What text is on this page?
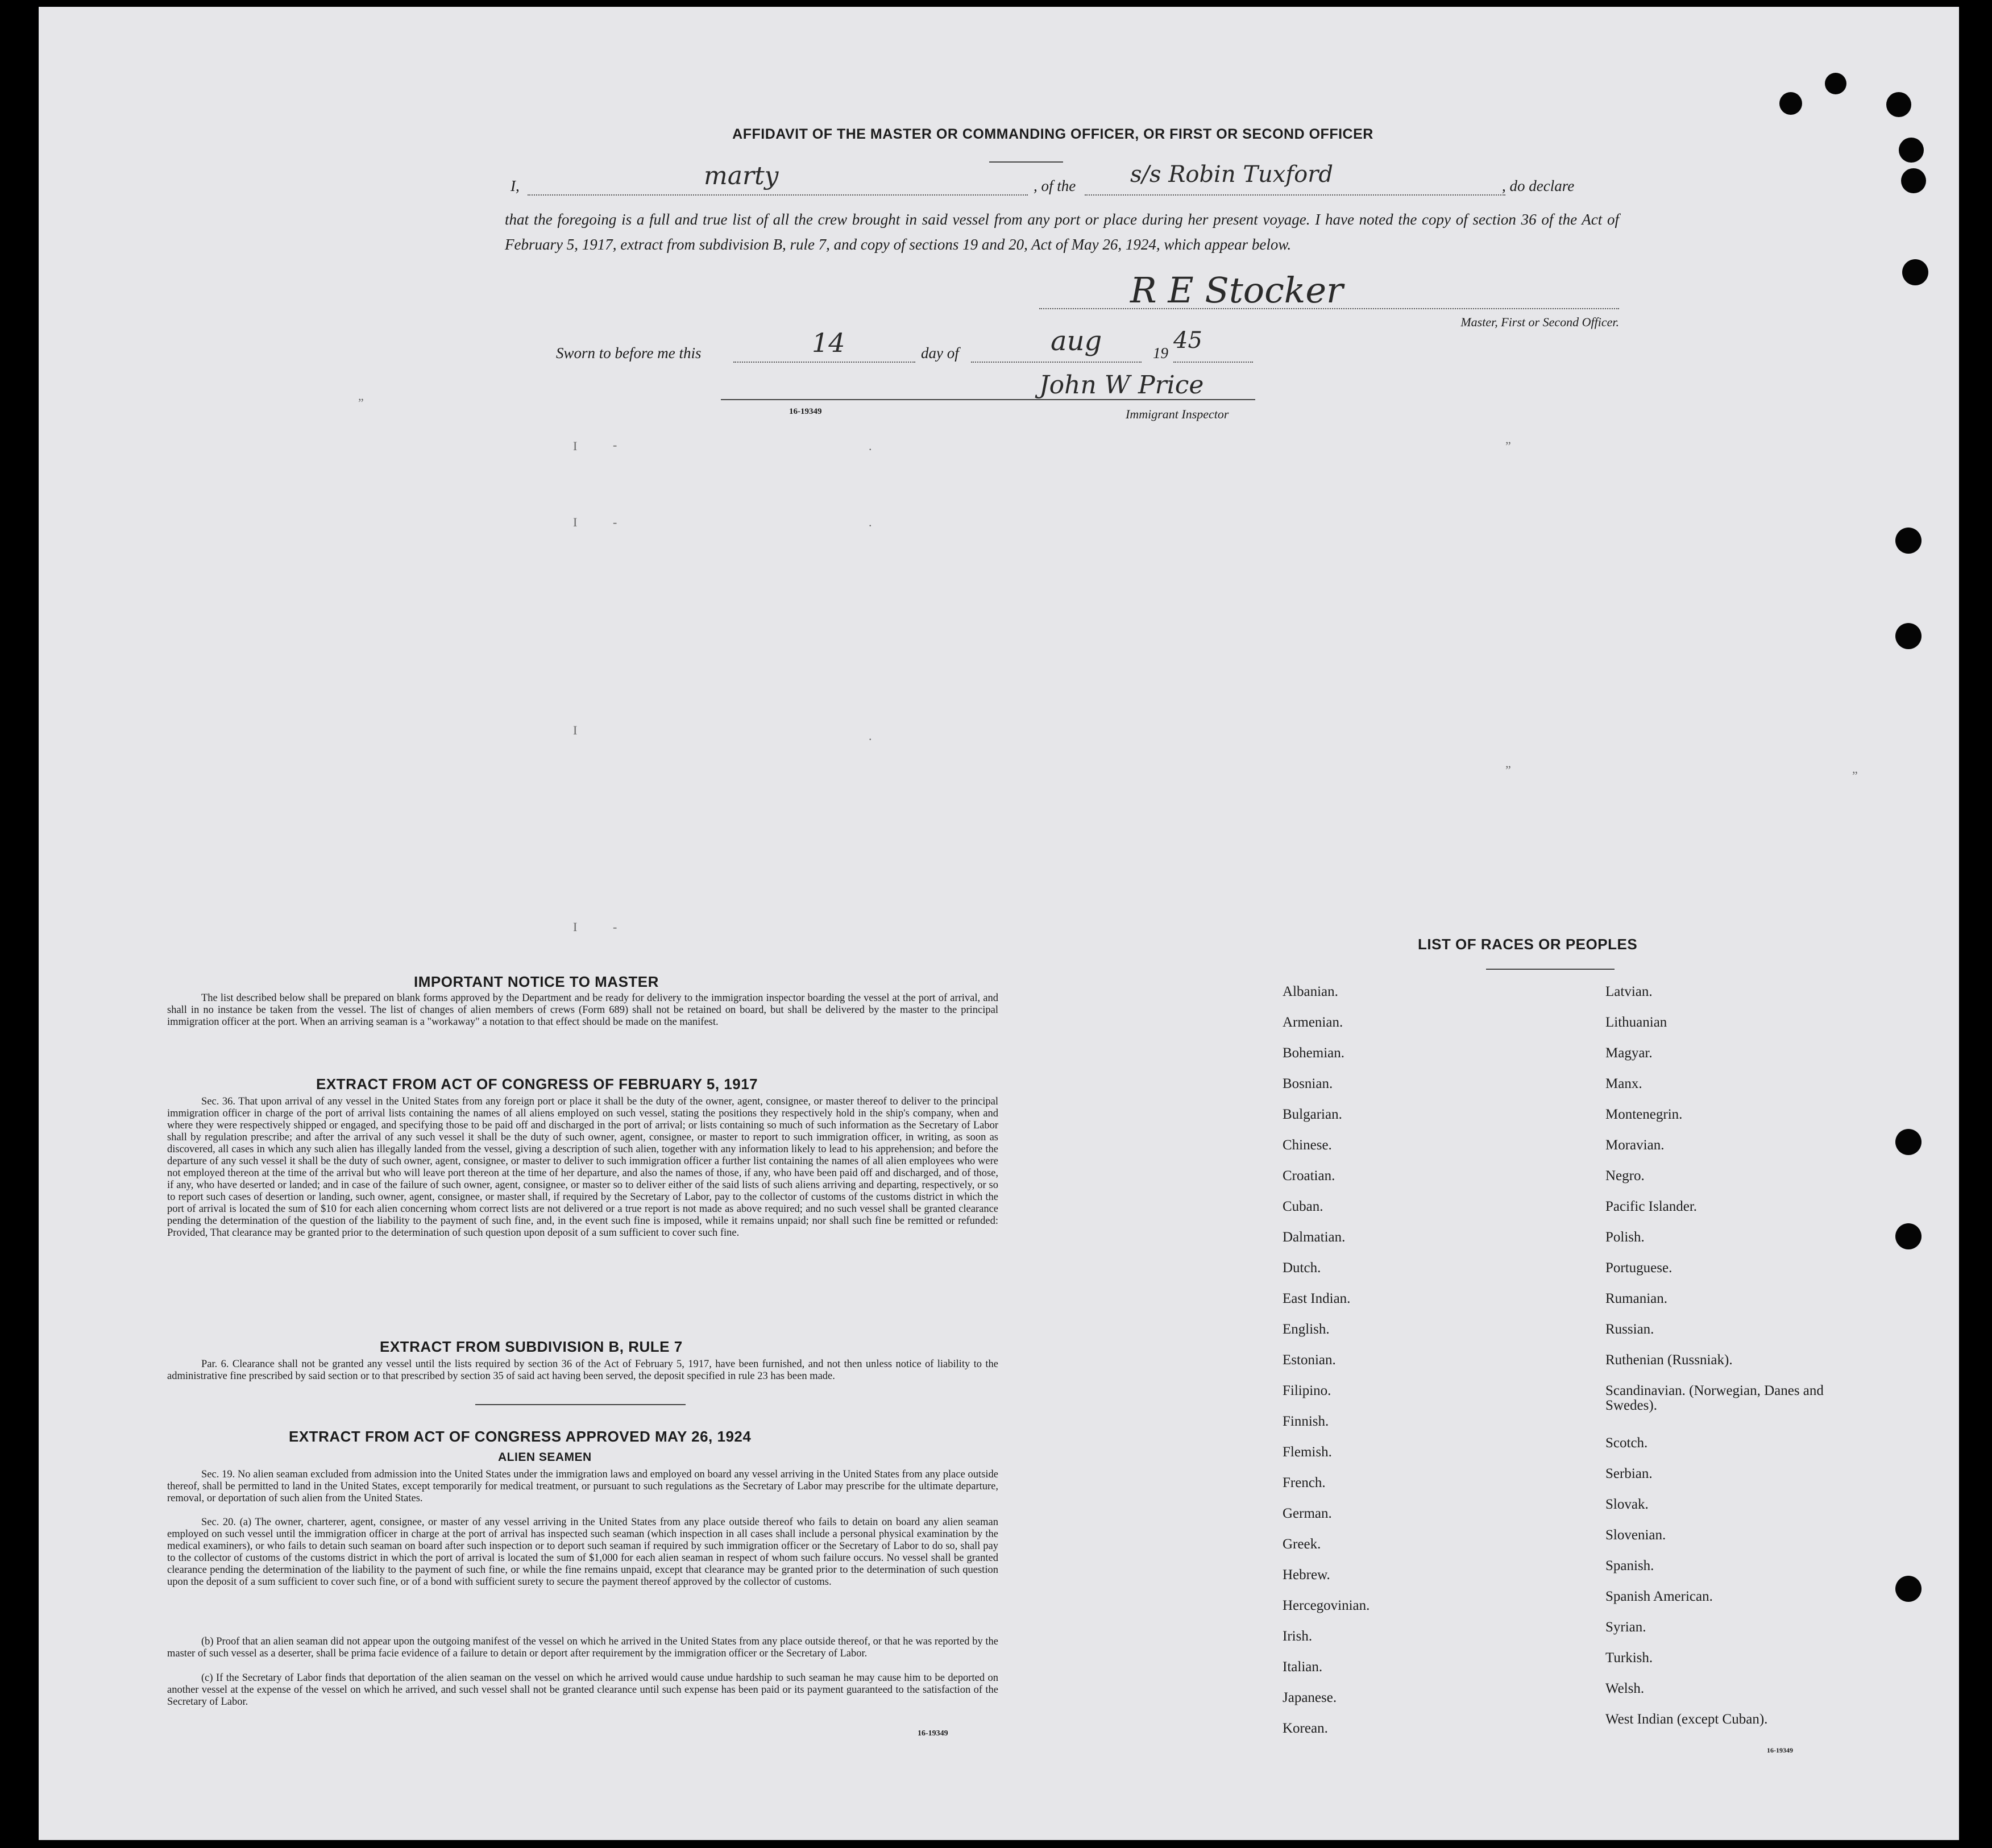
AFFIDAVIT OF THE MASTER OR COMMANDING OFFICER, OR FIRST OR SECOND OFFICER
I,	marty	, of the s/s Robin Tuxford	, do declare
that the foregoing is a full and true list of all the crew brought in said vessel from any port or place during her present voyage. I have noted the copy of section 36 of the Act of February 5, 1917, extract from subdivision B, rule 7, and copy of sections 19 and 20, Act of May 26, 1924, which appear below.
R E Stocker
Master, First or Second Officer.
Sworn to before me this	14	day of	aug	19 45
John W Price
16-19349	Immigrant Inspector
”
I	-	.
I	-	.
I	.
”
”	”
I	-
IMPORTANT NOTICE TO MASTER
The list described below shall be prepared on blank forms approved by the Department and be ready for delivery to the immigration inspector boarding the vessel at the port of arrival, and shall in no instance be taken from the vessel. The list of changes of alien members of crews (Form 689) shall not be retained on board, but shall be delivered by the master to the principal immigration officer at the port. When an arriving seaman is a "workaway" a notation to that effect should be made on the manifest.
EXTRACT FROM ACT OF CONGRESS OF FEBRUARY 5, 1917
Sec. 36. That upon arrival of any vessel in the United States from any foreign port or place it shall be the duty of the owner, agent, consignee, or master thereof to deliver to the principal immigration officer in charge of the port of arrival lists containing the names of all aliens employed on such vessel, stating the positions they respectively hold in the ship's company, when and where they were respectively shipped or engaged, and specifying those to be paid off and discharged in the port of arrival; or lists containing so much of such information as the Secretary of Labor shall by regulation prescribe; and after the arrival of any such vessel it shall be the duty of such owner, agent, consignee, or master to report to such immigration officer, in writing, as soon as discovered, all cases in which any such alien has illegally landed from the vessel, giving a description of such alien, together with any information likely to lead to his apprehension; and before the departure of any such vessel it shall be the duty of such owner, agent, consignee, or master to deliver to such immigration officer a further list containing the names of all alien employees who were not employed thereon at the time of the arrival but who will leave port thereon at the time of her departure, and also the names of those, if any, who have been paid off and discharged, and of those, if any, who have deserted or landed; and in case of the failure of such owner, agent, consignee, or master so to deliver either of the said lists of such aliens arriving and departing, respectively, or so to report such cases of desertion or landing, such owner, agent, consignee, or master shall, if required by the Secretary of Labor, pay to the collector of customs of the customs district in which the port of arrival is located the sum of $10 for each alien concerning whom correct lists are not delivered or a true report is not made as above required; and no such vessel shall be granted clearance pending the determination of the question of the liability to the payment of such fine, and, in the event such fine is imposed, while it remains unpaid; nor shall such fine be remitted or refunded: Provided, That clearance may be granted prior to the determination of such question upon deposit of a sum sufficient to cover such fine.
EXTRACT FROM SUBDIVISION B, RULE 7
Par. 6. Clearance shall not be granted any vessel until the lists required by section 36 of the Act of February 5, 1917, have been furnished, and not then unless notice of liability to the administrative fine prescribed by said section or to that prescribed by section 35 of said act having been served, the deposit specified in rule 23 has been made.
EXTRACT FROM ACT OF CONGRESS APPROVED MAY 26, 1924
ALIEN SEAMEN
Sec. 19. No alien seaman excluded from admission into the United States under the immigration laws and employed on board any vessel arriving in the United States from any place outside thereof, shall be permitted to land in the United States, except temporarily for medical treatment, or pursuant to such regulations as the Secretary of Labor may prescribe for the ultimate departure, removal, or deportation of such alien from the United States.
Sec. 20. (a) The owner, charterer, agent, consignee, or master of any vessel arriving in the United States from any place outside thereof who fails to detain on board any alien seaman employed on such vessel until the immigration officer in charge at the port of arrival has inspected such seaman (which inspection in all cases shall include a personal physical examination by the medical examiners), or who fails to detain such seaman on board after such inspection or to deport such seaman if required by such immigration officer or the Secretary of Labor to do so, shall pay to the collector of customs of the customs district in which the port of arrival is located the sum of $1,000 for each alien seaman in respect of whom such failure occurs. No vessel shall be granted clearance pending the determination of the liability to the payment of such fine, or while the fine remains unpaid, except that clearance may be granted prior to the determination of such question upon the deposit of a sum sufficient to cover such fine, or of a bond with sufficient surety to secure the payment thereof approved by the collector of customs.
(b) Proof that an alien seaman did not appear upon the outgoing manifest of the vessel on which he arrived in the United States from any place outside thereof, or that he was reported by the master of such vessel as a deserter, shall be prima facie evidence of a failure to detain or deport after requirement by the immigration officer or the Secretary of Labor.
(c) If the Secretary of Labor finds that deportation of the alien seaman on the vessel on which he arrived would cause undue hardship to such seaman he may cause him to be deported on another vessel at the expense of the vessel on which he arrived, and such vessel shall not be granted clearance until such expense has been paid or its payment guaranteed to the satisfaction of the Secretary of Labor.
16-19349
LIST OF RACES OR PEOPLES
Albanian.
Armenian.
Bohemian.
Bosnian.
Bulgarian.
Chinese.
Croatian.
Cuban.
Dalmatian.
Dutch.
East Indian.
English.
Estonian.
Filipino.
Finnish.
Flemish.
French.
German.
Greek.
Hebrew.
Hercegovinian.
Irish.
Italian.
Japanese.
Korean.
Latvian.
Lithuanian
Magyar.
Manx.
Montenegrin.
Moravian.
Negro.
Pacific Islander.
Polish.
Portuguese.
Rumanian.
Russian.
Ruthenian (Russniak).
Scandinavian. (Norwegian, Danes and Swedes).
Scotch.
Serbian.
Slovak.
Slovenian.
Spanish.
Spanish American.
Syrian.
Turkish.
Welsh.
West Indian (except Cuban).
16-19349
